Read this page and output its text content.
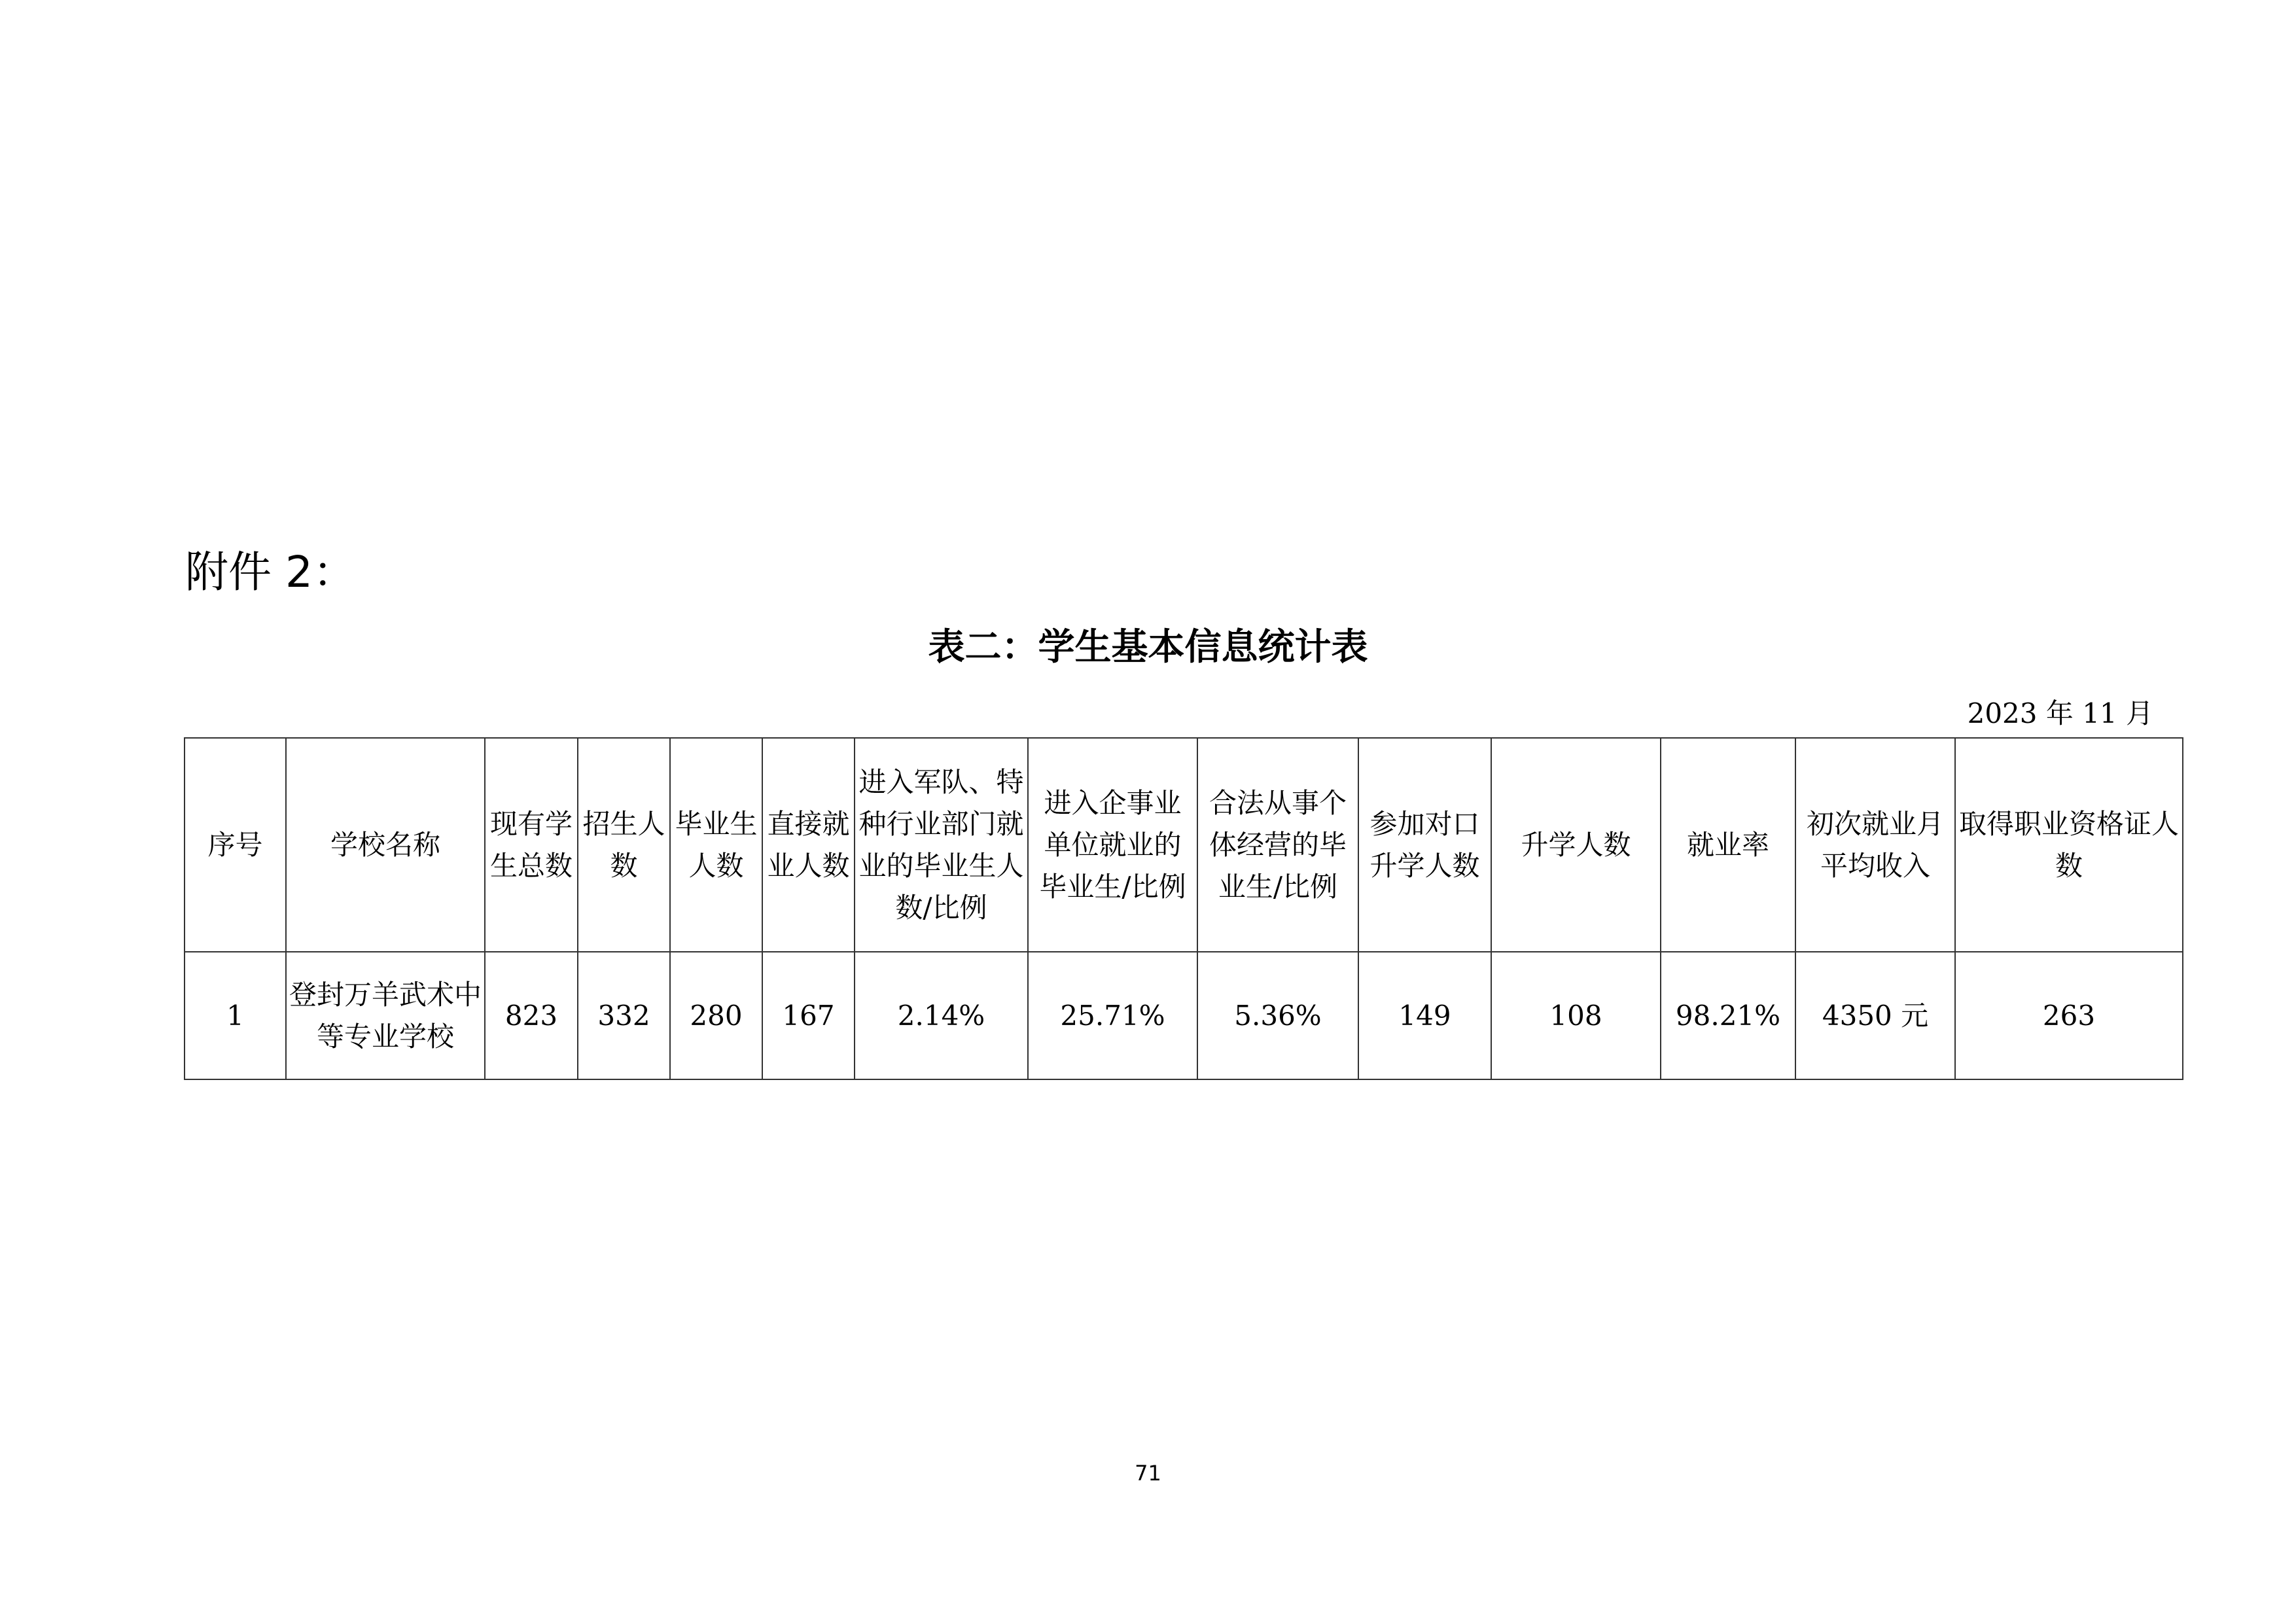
附件 2：
表二：学生基本信息统计表
2023 年 11 月
序号	学校名称	现有学生总数	招生人数	毕业生人数	直接就业人数	进入军队、特种行业部门就业的毕业生人数/比例	进入企事业单位就业的毕业生/比例	合法从事个体经营的毕业生/比例	参加对口升学人数	升学人数	就业率	初次就业月平均收入	取得职业资格证人数
1	登封万羊武术中等专业学校	823	332	280	167	2.14%	25.71%	5.36%	149	108	98.21%	4350 元	263
71
